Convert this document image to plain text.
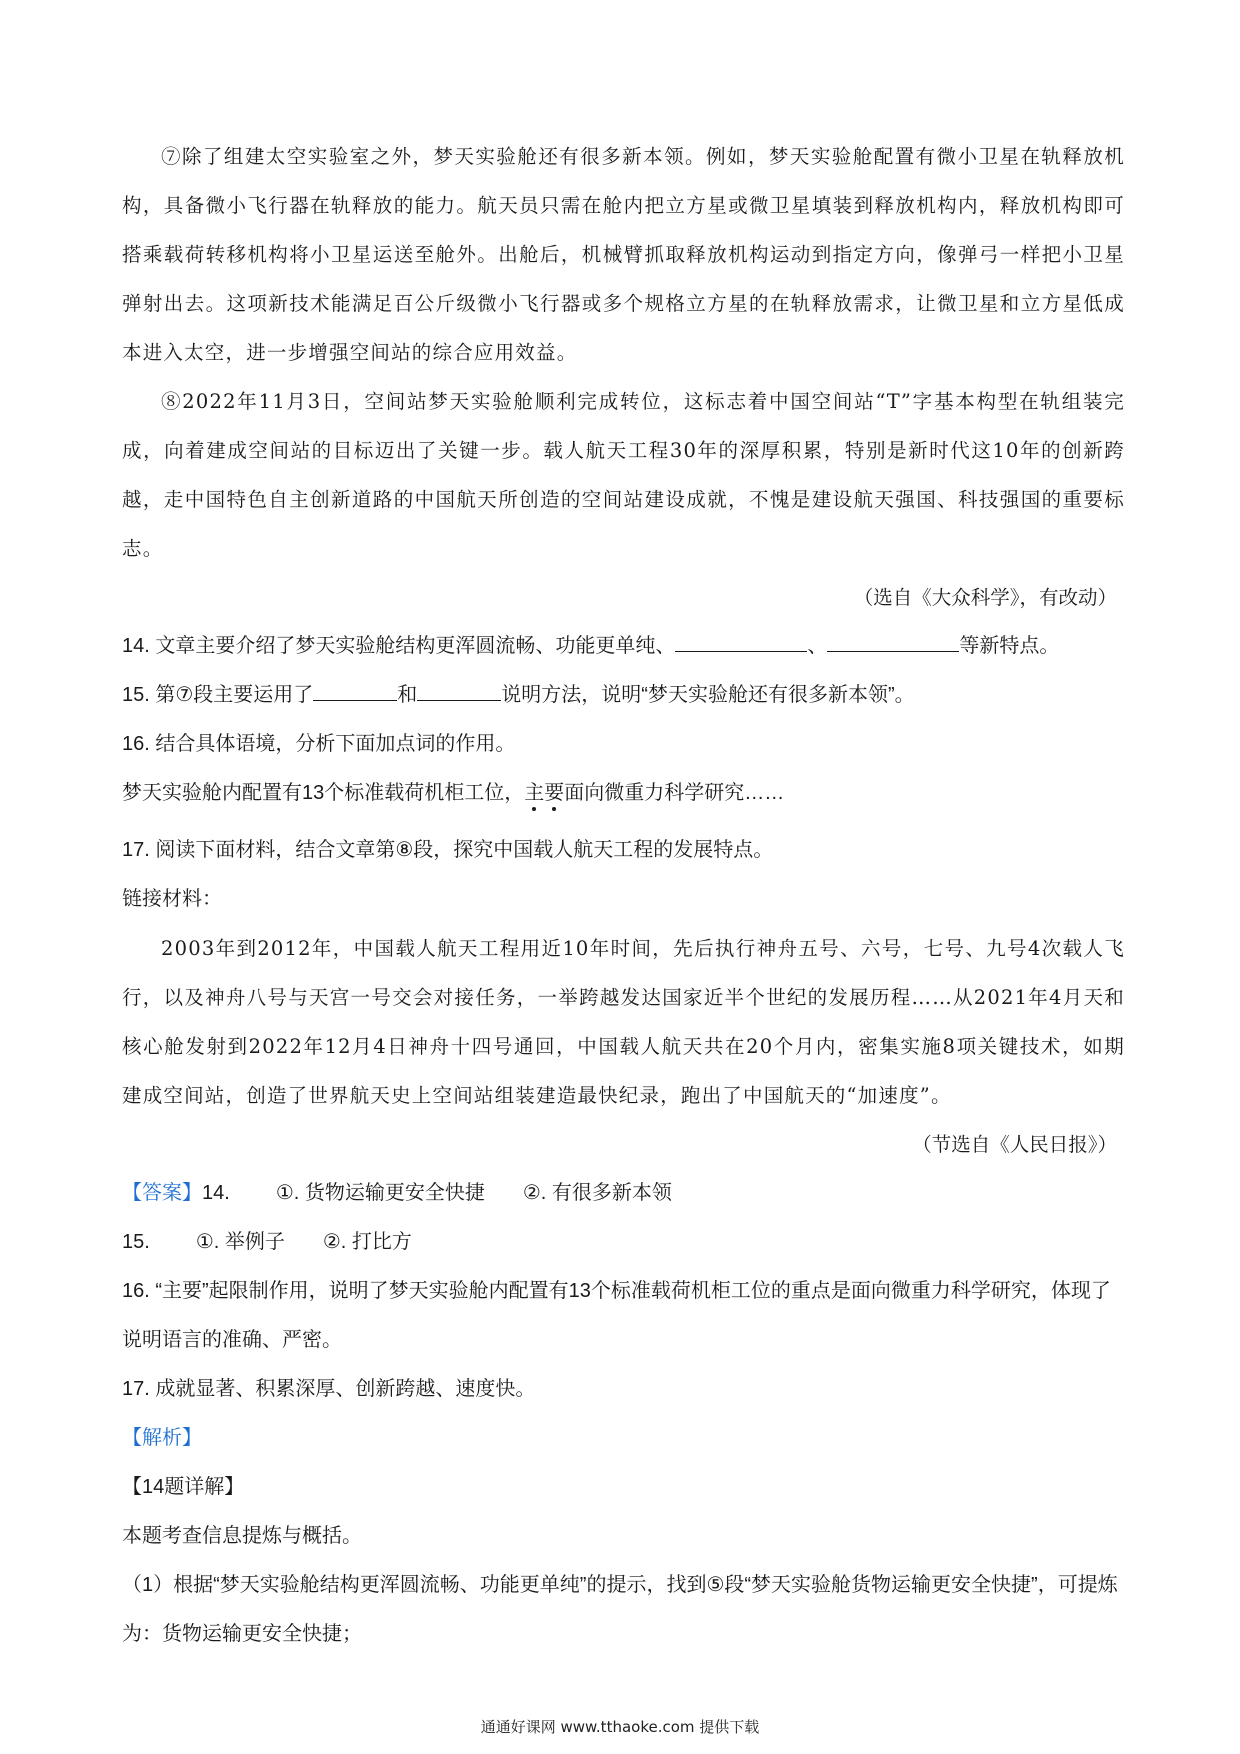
⑦除了组建太空实验室之外，梦天实验舱还有很多新本领。例如，梦天实验舱配置有微小卫星在轨释放机构，具备微小飞行器在轨释放的能力。航天员只需在舱内把立方星或微卫星填装到释放机构内，释放机构即可搭乘载荷转移机构将小卫星运送至舱外。出舱后，机械臂抓取释放机构运动到指定方向，像弹弓一样把小卫星弹射出去。这项新技术能满足百公斤级微小飞行器或多个规格立方星的在轨释放需求，让微卫星和立方星低成本进入太空，进一步增强空间站的综合应用效益。

⑧2022年11月3日，空间站梦天实验舱顺利完成转位，这标志着中国空间站“T”字基本构型在轨组装完成，向着建成空间站的目标迈出了关键一步。载人航天工程30年的深厚积累，特别是新时代这10年的创新跨越，走中国特色自主创新道路的中国航天所创造的空间站建设成就，不愧是建设航天强国、科技强国的重要标志。

（选自《大众科学》，有改动）

14. 文章主要介绍了梦天实验舱结构更浑圆流畅、功能更单纯、	、	等新特点。

15. 第⑦段主要运用了	和	说明方法，说明“梦天实验舱还有很多新本领”。

16. 结合具体语境，分析下面加点词的作用。

梦天实验舱内配置有13个标准载荷机柜工位，主要面向微重力科学研究……

17. 阅读下面材料，结合文章第⑧段，探究中国载人航天工程的发展特点。

链接材料：

2003年到2012年，中国载人航天工程用近10年时间，先后执行神舟五号、六号，七号、九号4次载人飞行，以及神舟八号与天宫一号交会对接任务，一举跨越发达国家近半个世纪的发展历程……从2021年4月天和核心舱发射到2022年12月4日神舟十四号通回，中国载人航天共在20个月内，密集实施8项关键技术，如期建成空间站，创造了世界航天史上空间站组装建造最快纪录，跑出了中国航天的“加速度”。

（节选自《人民日报》）

【答案】14. ①. 货物运输更安全快捷 ②. 有很多新本领

15. ①. 举例子 ②. 打比方

16. “主要”起限制作用，说明了梦天实验舱内配置有13个标准载荷机柜工位的重点是面向微重力科学研究，体现了说明语言的准确、严密。

17. 成就显著、积累深厚、创新跨越、速度快。

【解析】

【14题详解】

本题考查信息提炼与概括。

（1）根据“梦天实验舱结构更浑圆流畅、功能更单纯”的提示，找到⑤段“梦天实验舱货物运输更安全快捷”，可提炼为：货物运输更安全快捷；

通通好课网 www.tthaoke.com 提供下载
